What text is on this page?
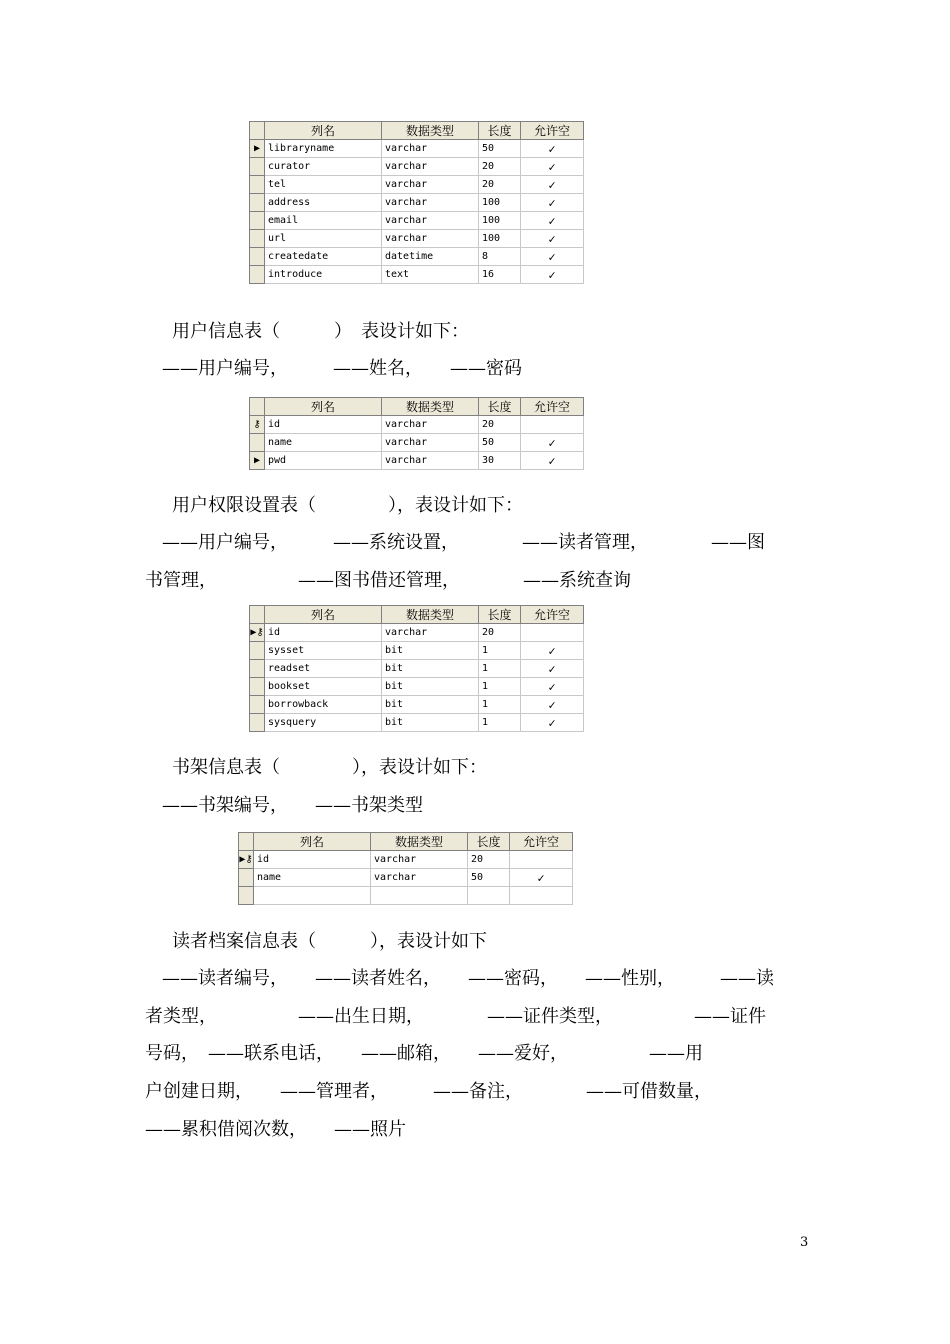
	列名	数据类型	长度	允许空
▶	libraryname	varchar	50	✓
	curator	varchar	20	✓
	tel	varchar	20	✓
	address	varchar	100	✓
	email	varchar	100	✓
	url	varchar	100	✓
	createdate	datetime	8	✓
	introduce	text	16	✓
用户信息表（　　　）　表设计如下：
——用户编号，　　　——姓名，　　——密码
	列名	数据类型	长度	允许空
⚷	id	varchar	20	
	name	varchar	50	✓
▶	pwd	varchar	30	✓
用户权限设置表（　　　　），表设计如下：
——用户编号，　　　——系统设置，　　　　——读者管理，　　　　——图
书管理，　　　　　——图书借还管理，　　　　——系统查询
	列名	数据类型	长度	允许空
▶⚷	id	varchar	20	
	sysset	bit	1	✓
	readset	bit	1	✓
	bookset	bit	1	✓
	borrowback	bit	1	✓
	sysquery	bit	1	✓
书架信息表（　　　　），表设计如下：
——书架编号，　　——书架类型
	列名	数据类型	长度	允许空
▶⚷	id	varchar	20	
	name	varchar	50	✓

读者档案信息表（　　　），表设计如下
——读者编号，　　——读者姓名，　　——密码，　　——性别，　　　——读
者类型，　　　　　——出生日期，　　　　——证件类型，　　　　　——证件
号码，　——联系电话，　　——邮箱，　　——爱好，　　　　　——用
户创建日期，　　——管理者，　　　——备注，　　　　——可借数量，
——累积借阅次数，　　——照片
3
